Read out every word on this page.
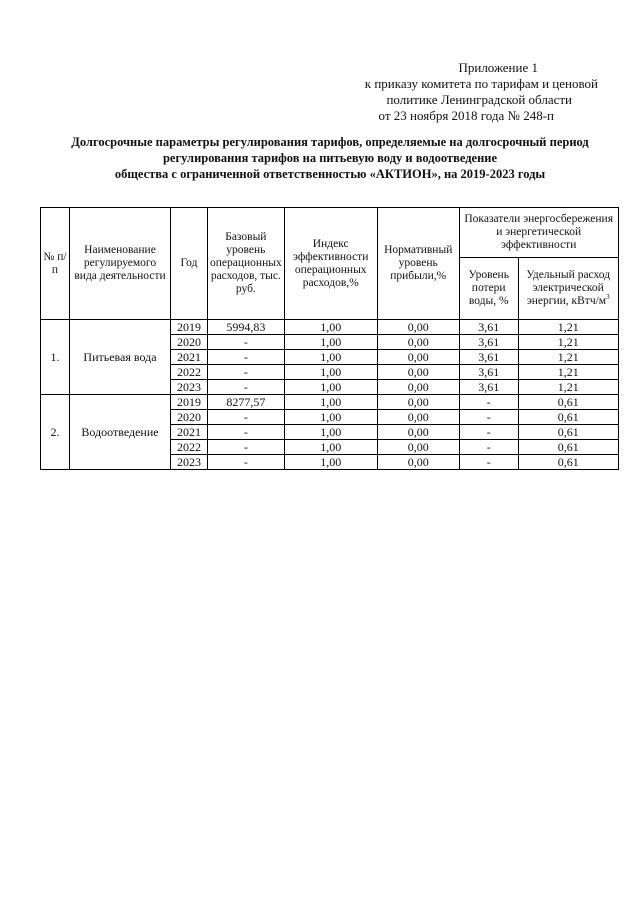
Приложение 1
к приказу комитета по тарифам и ценовой
политике Ленинградской области
от 23 ноября 2018 года № 248-п
Долгосрочные параметры регулирования тарифов, определяемые на долгосрочный период
регулирования тарифов на питьевую воду и водоотведение
общества с ограниченной ответственностью «АКТИОН», на 2019-2023 годы
№ п/п	Наименование регулируемого вида деятельности	Год	Базовый уровень операционных расходов, тыс. руб.	Индекс эффективности операционных расходов,%	Нормативный уровень прибыли,%	Показатели энергосбережения и энергетической эффективности	
						Уровень потери воды, %	Удельный расход электрической энергии, кВтч/$м^3$
1.	Питьевая вода	2019	5994,83	1,00	0,00	3,61	1,21
		2020	-	1,00	0,00	3,61	1,21
		2021	-	1,00	0,00	3,61	1,21
		2022	-	1,00	0,00	3,61	1,21
		2023	-	1,00	0,00	3,61	1,21
2.	Водоотведение	2019	8277,57	1,00	0,00	-	0,61
		2020	-	1,00	0,00	-	0,61
		2021	-	1,00	0,00	-	0,61
		2022	-	1,00	0,00	-	0,61
		2023	-	1,00	0,00	-	0,61
